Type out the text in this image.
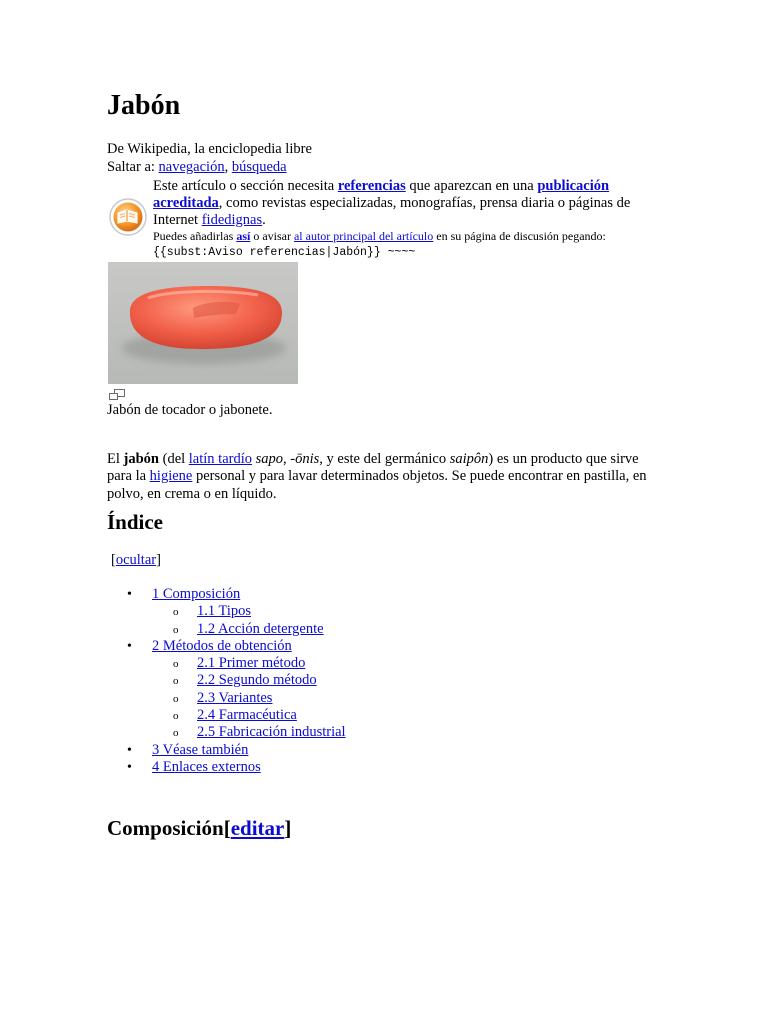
Jabón
De Wikipedia, la enciclopedia libre
Saltar a: navegación, búsqueda
Este artículo o sección necesita referencias que aparezcan en una publicación acreditada, como revistas especializadas, monografías, prensa diaria o páginas de Internet fidedignas.
Puedes añadirlas así o avisar al autor principal del artículo en su página de discusión pegando:
{{subst:Aviso referencias|Jabón}} ~~~~
Jabón de tocador o jabonete.

El jabón (del latín tardío sapo, -ōnis, y este del germánico saipôn) es un producto que sirve para la higiene personal y para lavar determinados objetos. Se puede encontrar en pastilla, en polvo, en crema o en líquido.

Índice
[ocultar]
• 1 Composición
o 1.1 Tipos
o 1.2 Acción detergente
• 2 Métodos de obtención
o 2.1 Primer método
o 2.2 Segundo método
o 2.3 Variantes
o 2.4 Farmacéutica
o 2.5 Fabricación industrial
• 3 Véase también
• 4 Enlaces externos
Composición[editar]
